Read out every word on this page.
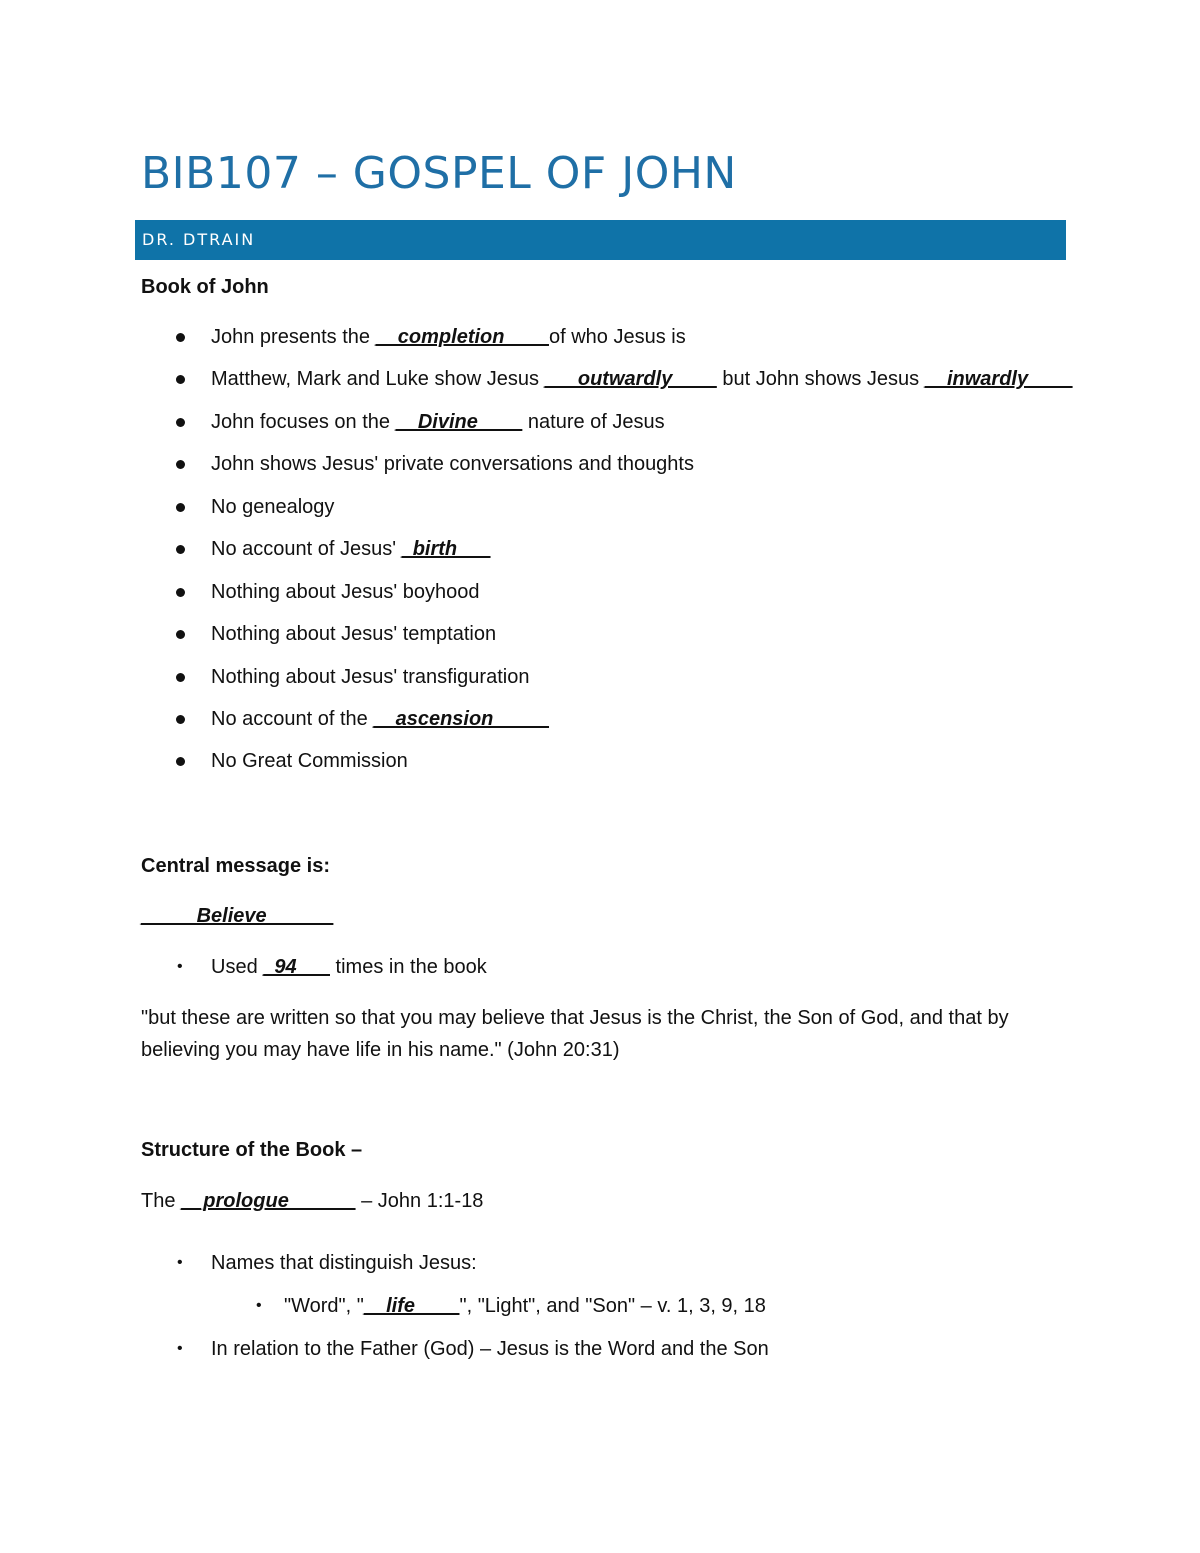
BIB107 – GOSPEL OF JOHN
DR. DTRAIN
Book of John
John presents the __completion____of who Jesus is
Matthew, Mark and Luke show Jesus ___outwardly____ but John shows Jesus __inwardly____
John focuses on the __Divine____ nature of Jesus
John shows Jesus' private conversations and thoughts
No genealogy
No account of Jesus' _birth___
Nothing about Jesus' boyhood
Nothing about Jesus' temptation
Nothing about Jesus' transfiguration
No account of the __ascension_____
No Great Commission
Central message is:
_____Believe______
• Used _94___ times in the book
"but these are written so that you may believe that Jesus is the Christ, the Son of God, and that by
believing you may have life in his name." (John 20:31)
Structure of the Book –
The __prologue______ – John 1:1-18
• Names that distinguish Jesus:
• "Word", "__life____", "Light", and "Son" – v. 1, 3, 9, 18
• In relation to the Father (God) – Jesus is the Word and the Son
